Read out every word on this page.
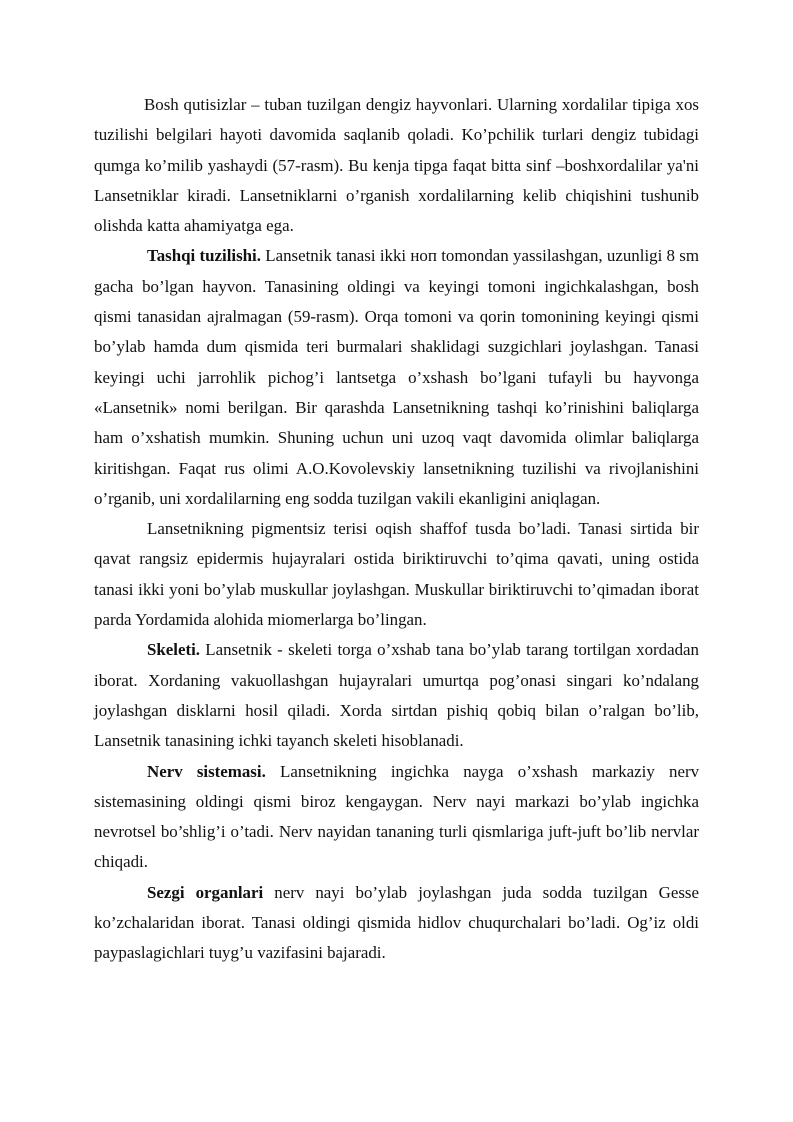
Bosh qutisizlar – tuban tuzilgan dengiz hayvonlari. Ularning xordalilar tipiga xos tuzilishi belgilari hayoti davomida saqlanib qoladi. Ko’pchilik turlari dengiz tubidagi qumga ko’milib yashaydi (57-rasm). Bu kenja tipga faqat bitta sinf –boshxordalilar ya'ni Lansetniklar kiradi. Lansetniklarni o’rganish xordalilarning kelib chiqishini tushunib olishda katta ahamiyatga ega.

Tashqi tuzilishi. Lansetnik tanasi ikki ноп tomondan yassilashgan, uzunligi 8 sm gacha bo’lgan hayvon. Tanasining oldingi va keyingi tomoni ingichkalashgan, bosh qismi tanasidan ajralmagan (59-rasm). Orqa tomoni va qorin tomonining keyingi qismi bo’ylab hamda dum qismida teri burmalari shaklidagi suzgichlari joylashgan. Tanasi keyingi uchi jarrohlik pichog’i lantsetga o’xshash bo’lgani tufayli bu hayvonga «Lansetnik» nomi berilgan. Bir qarashda Lansetnikning tashqi ko’rinishini baliqlarga ham o’xshatish mumkin. Shuning uchun uni uzoq vaqt davomida olimlar baliqlarga kiritishgan. Faqat rus olimi A.O.Kovolevskiy lansetnikning tuzilishi va rivojlanishini o’rganib, uni xordalilarning eng sodda tuzilgan vakili ekanligini aniqlagan.

Lansetnikning pigmentsiz terisi oqish shaffof tusda bo’ladi. Tanasi sirtida bir qavat rangsiz epidermis hujayralari ostida biriktiruvchi to’qima qavati, uning ostida tanasi ikki yoni bo’ylab muskullar joylashgan. Muskullar biriktiruvchi to’qimadan iborat parda Yordamida alohida miomerlarga bo’lingan.

Skeleti. Lansetnik - skeleti torga o’xshab tana bo’ylab tarang tortilgan xordadan iborat. Xordaning vakuollashgan hujayralari umurtqa pog’onasi singari ko’ndalang joylashgan disklarni hosil qiladi. Xorda sirtdan pishiq qobiq bilan o’ralgan bo’lib, Lansetnik tanasining ichki tayanch skeleti hisoblanadi.

Nerv sistemasi. Lansetnikning ingichka nayga o’xshash markaziy nerv sistemasining oldingi qismi biroz kengaygan. Nerv nayi markazi bo’ylab ingichka nevrotsel bo’shlig’i o’tadi. Nerv nayidan tananing turli qismlariga juft-juft bo’lib nervlar chiqadi.

Sezgi organlari nerv nayi bo’ylab joylashgan juda sodda tuzilgan Gesse ko’zchalaridan iborat. Tanasi oldingi qismida hidlov chuqurchalari bo’ladi. Og’iz oldi paypaslagichlari tuyg’u vazifasini bajaradi.
